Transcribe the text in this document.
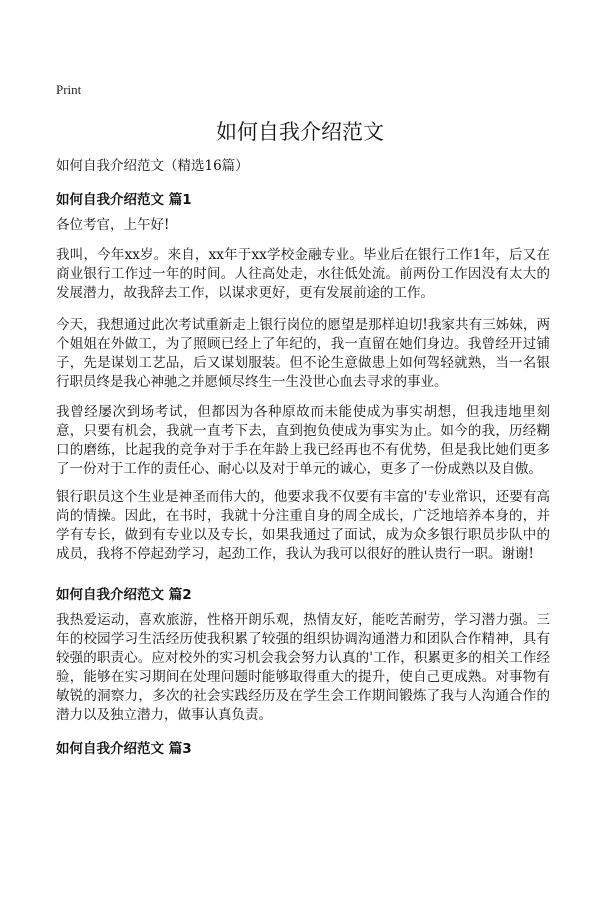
Print
如何自我介绍范文
如何自我介绍范文（精选16篇）
如何自我介绍范文 篇1

各位考官，上午好!

我叫，今年xx岁。来自，xx年于xx学校金融专业。毕业后在银行工作1年，后又在商业银行工作过一年的时间。人往高处走，水往低处流。前两份工作因没有太大的发展潜力，故我辞去工作，以谋求更好，更有发展前途的工作。

今天，我想通过此次考试重新走上银行岗位的愿望是那样迫切!我家共有三姊妹，两个姐姐在外做工，为了照顾已经上了年纪的，我一直留在她们身边。我曾经开过铺子，先是谋划工艺品，后又谋划服装。但不论生意做患上如何驾轻就熟，当一名银行职员终是我心神驰之并愿倾尽终生一生没世心血去寻求的事业。

我曾经屡次到场考试，但都因为各种原故而未能使成为事实胡想，但我违地里刻意，只要有机会，我就一直考下去，直到抱负使成为事实为止。如今的我，历经糊口的磨练，比起我的竞争对于手在年龄上我已经再也不有优势，但是我比她们更多了一份对于工作的责任心、耐心以及对于单元的诚心，更多了一份成熟以及自傲。

银行职员这个生业是神圣而伟大的，他要求我不仅要有丰富的'专业常识，还要有高尚的情操。因此，在书时，我就十分注重自身的周全成长，广泛地培养本身的，并学有专长，做到有专业以及专长，如果我通过了面试，成为众多银行职员步队中的成员，我将不停起劲学习，起劲工作，我认为我可以很好的胜认贵行一职。谢谢!

如何自我介绍范文 篇2

我热爱运动，喜欢旅游，性格开朗乐观，热情友好，能吃苦耐劳，学习潜力强。三年的校园学习生活经历使我积累了较强的组织协调沟通潜力和团队合作精神，具有较强的职责心。应对校外的实习机会我会努力认真的'工作，积累更多的相关工作经验，能够在实习期间在处理问题时能够取得重大的提升，使自己更成熟。对事物有敏锐的洞察力，多次的社会实践经历及在学生会工作期间锻炼了我与人沟通合作的潜力以及独立潜力，做事认真负责。

如何自我介绍范文 篇3
